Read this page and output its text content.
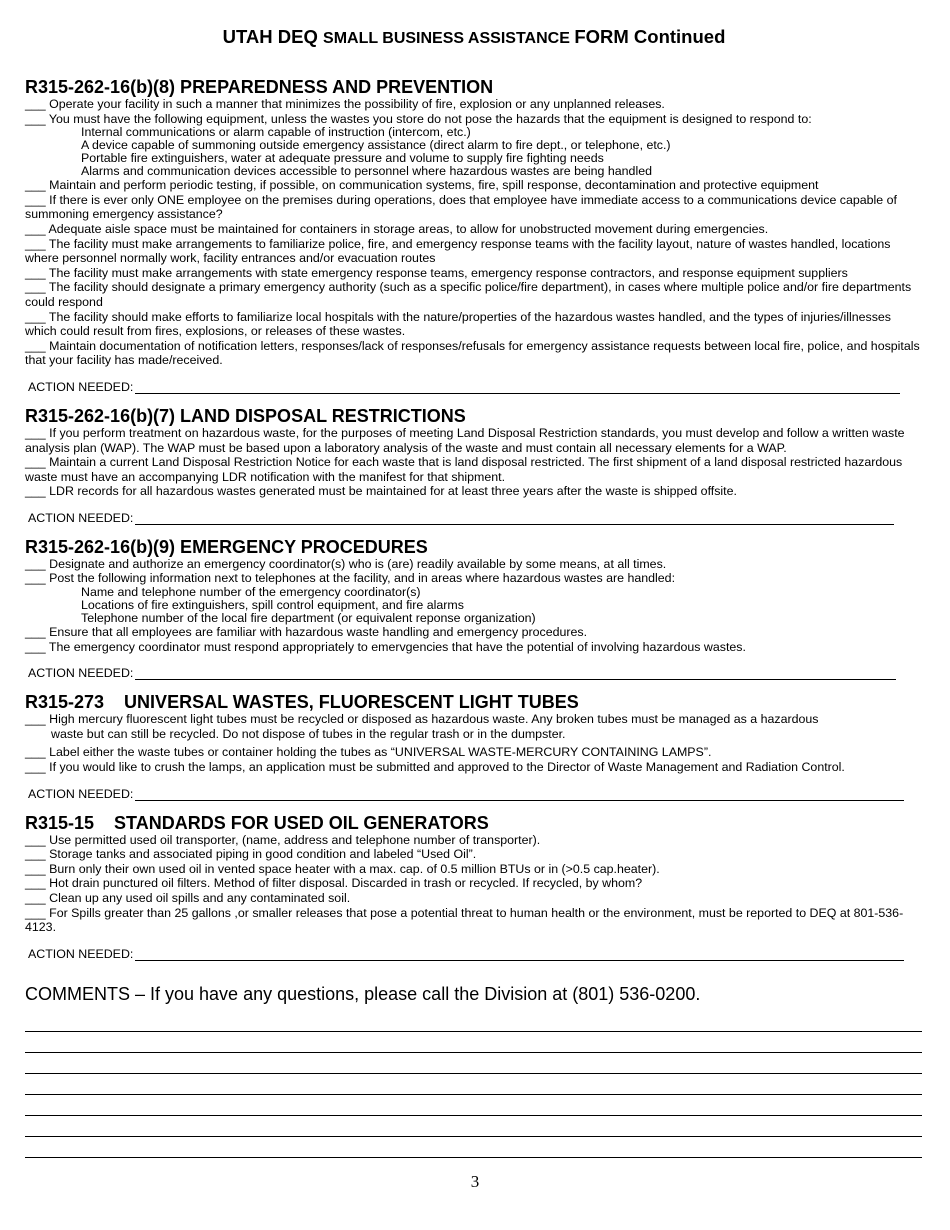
UTAH DEQ SMALL BUSINESS ASSISTANCE FORM Continued
R315-262-16(b)(8) PREPAREDNESS AND PREVENTION

___ Operate your facility in such a manner that minimizes the possibility of fire, explosion or any unplanned releases.

___ You must have the following equipment, unless the wastes you store do not pose the hazards that the equipment is designed to respond to:

Internal communications or alarm capable of instruction (intercom, etc.)

A device capable of summoning outside emergency assistance (direct alarm to fire dept., or telephone, etc.)

Portable fire extinguishers, water at adequate pressure and volume to supply fire fighting needs

Alarms and communication devices accessible to personnel where hazardous wastes are being handled

___ Maintain and perform periodic testing, if possible, on communication systems, fire, spill response, decontamination and protective equipment

___ If there is ever only ONE employee on the premises during operations, does that employee have immediate access to a communications device capable of summoning emergency assistance?

___ Adequate aisle space must be maintained for containers in storage areas, to allow for unobstructed movement during emergencies.

___ The facility must make arrangements to familiarize police, fire, and emergency response teams with the facility layout, nature of wastes handled, locations where personnel normally work, facility entrances and/or evacuation routes

___ The facility must make arrangements with state emergency response teams, emergency response contractors, and response equipment suppliers

___ The facility should designate a primary emergency authority (such as a specific police/fire department), in cases where multiple police and/or fire departments could respond

___ The facility should make efforts to familiarize local hospitals with the nature/properties of the hazardous wastes handled, and the types of injuries/illnesses which could result from fires, explosions, or releases of these wastes.

___ Maintain documentation of notification letters, responses/lack of responses/refusals for emergency assistance requests between local fire, police, and hospitals that your facility has made/received.

ACTION NEEDED:
R315-262-16(b)(7) LAND DISPOSAL RESTRICTIONS

___ If you perform treatment on hazardous waste, for the purposes of meeting Land Disposal Restriction standards, you must develop and follow a written waste analysis plan (WAP). The WAP must be based upon a laboratory analysis of the waste and must contain all necessary elements for a WAP.

___ Maintain a current Land Disposal Restriction Notice for each waste that is land disposal restricted. The first shipment of a land disposal restricted hazardous waste must have an accompanying LDR notification with the manifest for that shipment.

___ LDR records for all hazardous wastes generated must be maintained for at least three years after the waste is shipped offsite.

ACTION NEEDED:
R315-262-16(b)(9) EMERGENCY PROCEDURES

___ Designate and authorize an emergency coordinator(s) who is (are) readily available by some means, at all times.

___ Post the following information next to telephones at the facility, and in areas where hazardous wastes are handled:

Name and telephone number of the emergency coordinator(s)

Locations of fire extinguishers, spill control equipment, and fire alarms

Telephone number of the local fire department (or equivalent reponse organization)

___ Ensure that all employees are familiar with hazardous waste handling and emergency procedures.

___ The emergency coordinator must respond appropriately to emervgencies that have the potential of involving hazardous wastes.

ACTION NEEDED:
R315-273    UNIVERSAL WASTES, FLUORESCENT LIGHT TUBES

___ High mercury fluorescent light tubes must be recycled or disposed as hazardous waste. Any broken tubes must be managed as a hazardous

waste but can still be recycled. Do not dispose of tubes in the regular trash or in the dumpster.

___ Label either the waste tubes or container holding the tubes as “UNIVERSAL WASTE-MERCURY CONTAINING LAMPS”.

___ If you would like to crush the lamps, an application must be submitted and approved to the Director of Waste Management and Radiation Control.

ACTION NEEDED:
R315-15    STANDARDS FOR USED OIL GENERATORS

___ Use permitted used oil transporter, (name, address and telephone number of transporter).

___ Storage tanks and associated piping in good condition and labeled “Used Oil”.

___ Burn only their own used oil in vented space heater with a max. cap. of 0.5 million BTUs or in (>0.5 cap.heater).

___ Hot drain punctured oil filters. Method of filter disposal. Discarded in trash or recycled. If recycled, by whom?

___ Clean up any used oil spills and any contaminated soil.

___ For Spills greater than 25 gallons ,or smaller releases that pose a potential threat to human health or the environment, must be reported to DEQ at 801-536-4123.

ACTION NEEDED:
COMMENTS – If you have any questions, please call the Division at (801) 536-0200.
3
